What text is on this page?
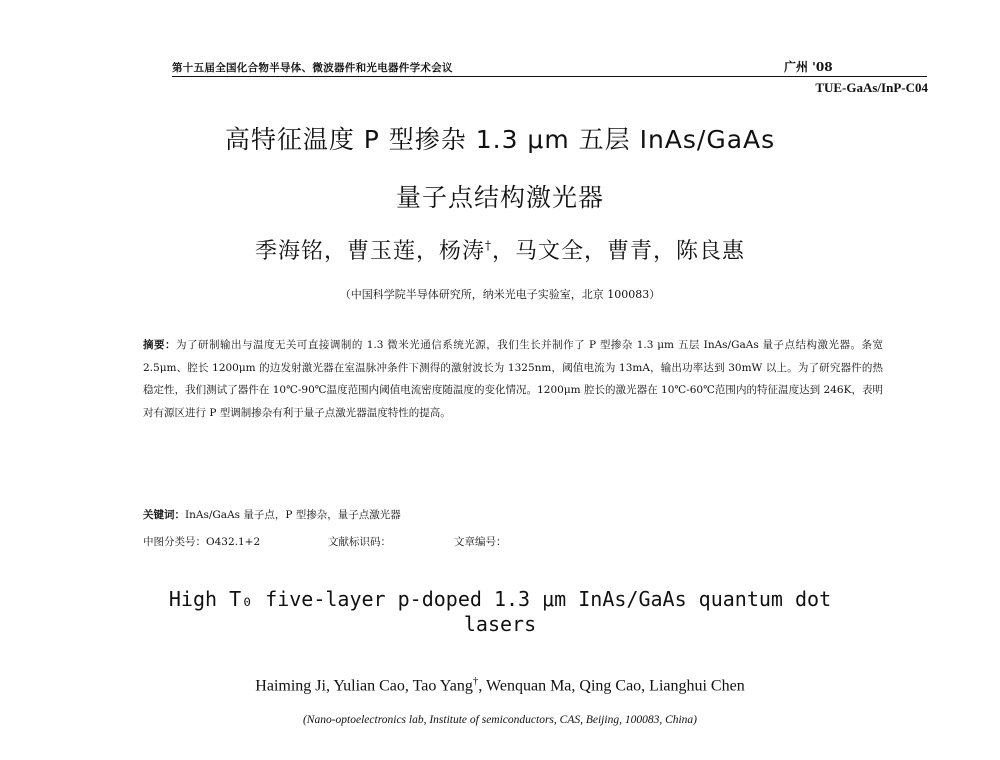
第十五届全国化合物半导体、微波器件和光电器件学术会议	广州 '08
TUE-GaAs/InP-C04
高特征温度 P 型掺杂 1.3 μm 五层 InAs/GaAs
量子点结构激光器
季海铭，曹玉莲，杨涛†，马文全，曹青，陈良惠
（中国科学院半导体研究所，纳米光电子实验室，北京 100083）
摘要：为了研制输出与温度无关可直接调制的 1.3 微米光通信系统光源，我们生长并制作了 P 型掺杂 1.3 μm 五层 InAs/GaAs 量子点结构激光器。条宽 2.5μm、腔长 1200μm 的边发射激光器在室温脉冲条件下测得的激射波长为 1325nm，阈值电流为 13mA，输出功率达到 30mW 以上。为了研究器件的热稳定性，我们测试了器件在 10℃-90℃温度范围内阈值电流密度随温度的变化情况。1200μm 腔长的激光器在 10℃-60℃范围内的特征温度达到 246K，表明对有源区进行 P 型调制掺杂有利于量子点激光器温度特性的提高。
关键词：InAs/GaAs 量子点，P 型掺杂，量子点激光器
中图分类号：O432.1+2	文献标识码：	文章编号：
High T₀ five-layer p-doped 1.3 μm InAs/GaAs quantum dot
lasers
Haiming Ji, Yulian Cao, Tao Yang†, Wenquan Ma, Qing Cao, Lianghui Chen
(Nano-optoelectronics lab, Institute of semiconductors, CAS, Beijing, 100083, China)
